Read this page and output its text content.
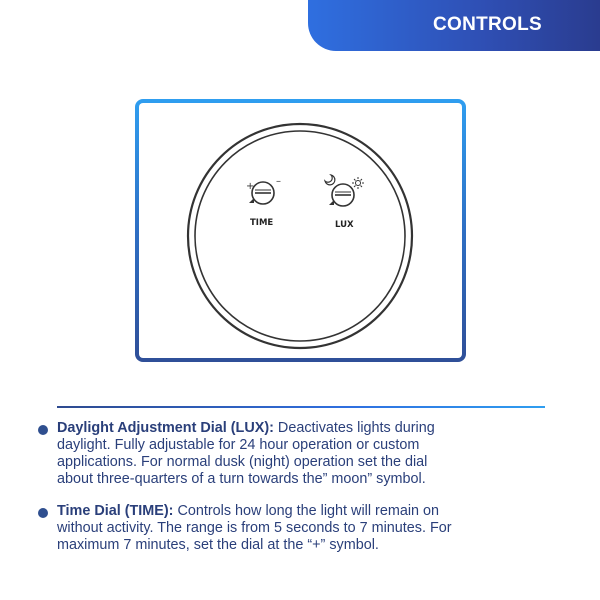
CONTROLS
+ –
TIME	LUX
Daylight Adjustment Dial (LUX): Deactivates lights during
daylight. Fully adjustable for 24 hour operation or custom
applications. For normal dusk (night) operation set the dial
about three-quarters of a turn towards the” moon” symbol.
Time Dial (TIME): Controls how long the light will remain on
without activity. The range is from 5 seconds to 7 minutes. For
maximum 7 minutes, set the dial at the “+” symbol.
